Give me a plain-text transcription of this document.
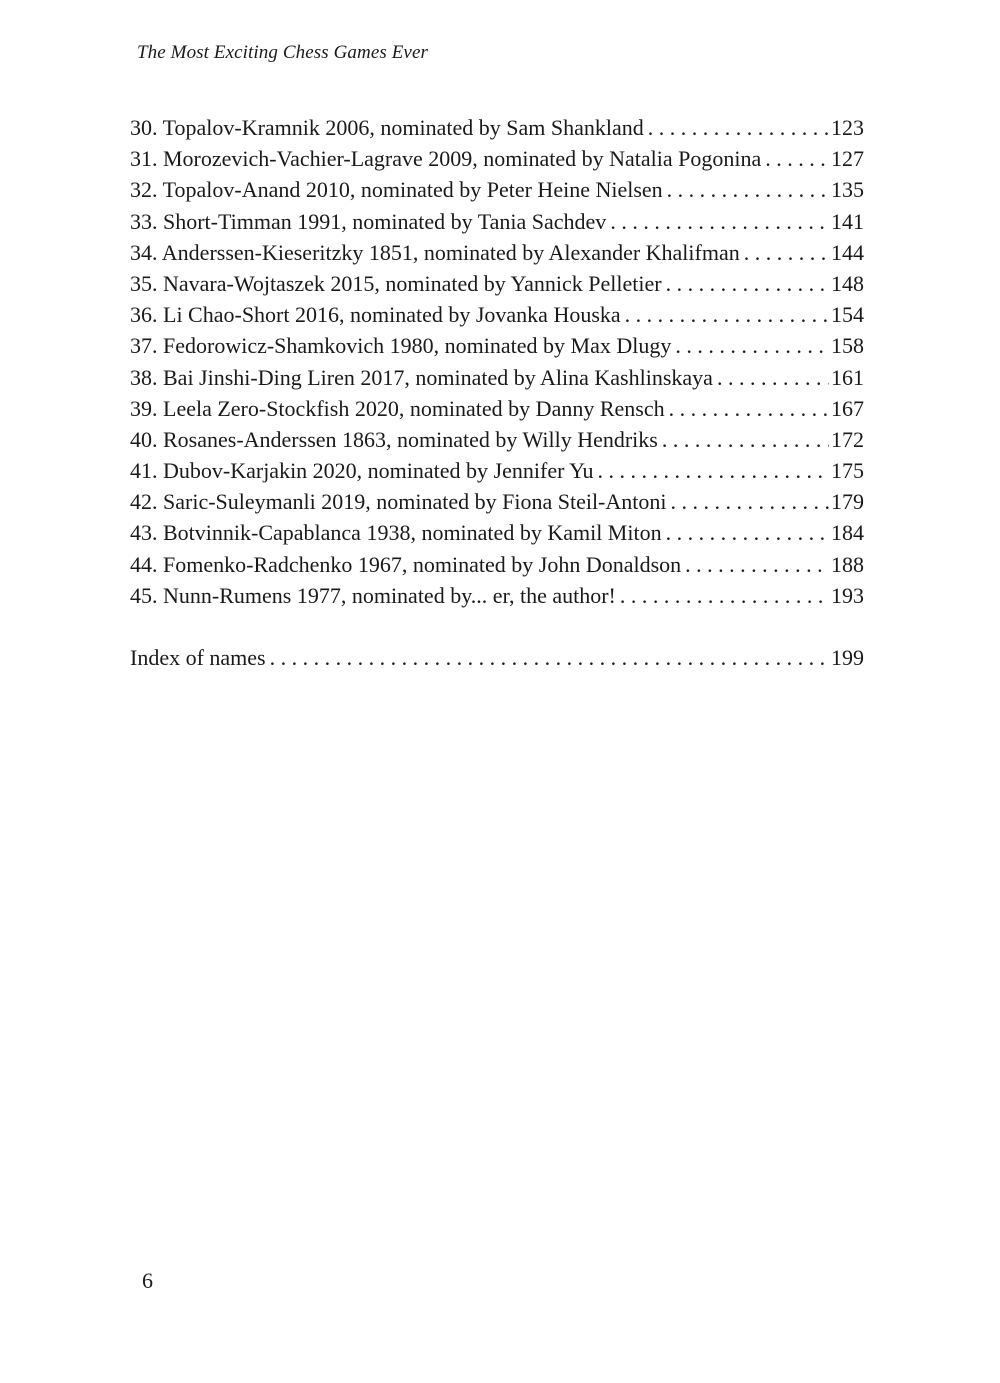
The Most Exciting Chess Games Ever
30. Topalov-Kramnik 2006, nominated by Sam Shankland . . .	123
31. Morozevich-Vachier-Lagrave 2009, nominated by Natalia Pogonina . . .	127
32. Topalov-Anand 2010, nominated by Peter Heine Nielsen . . .	135
33. Short-Timman 1991, nominated by Tania Sachdev . . .	141
34. Anderssen-Kieseritzky 1851, nominated by Alexander Khalifman . . .	144
35. Navara-Wojtaszek 2015, nominated by Yannick Pelletier . . .	148
36. Li Chao-Short 2016, nominated by Jovanka Houska . . .	154
37. Fedorowicz-Shamkovich 1980, nominated by Max Dlugy . . .	158
38. Bai Jinshi-Ding Liren 2017, nominated by Alina Kashlinskaya . . .	161
39. Leela Zero-Stockfish 2020, nominated by Danny Rensch . . .	167
40. Rosanes-Anderssen 1863, nominated by Willy Hendriks . . .	172
41. Dubov-Karjakin 2020, nominated by Jennifer Yu . . .	175
42. Saric-Suleymanli 2019, nominated by Fiona Steil-Antoni . . .	179
43. Botvinnik-Capablanca 1938, nominated by Kamil Miton . . .	184
44. Fomenko-Radchenko 1967, nominated by John Donaldson . . .	188
45. Nunn-Rumens 1977, nominated by... er, the author! . . .	193
Index of names . . .	199
6
